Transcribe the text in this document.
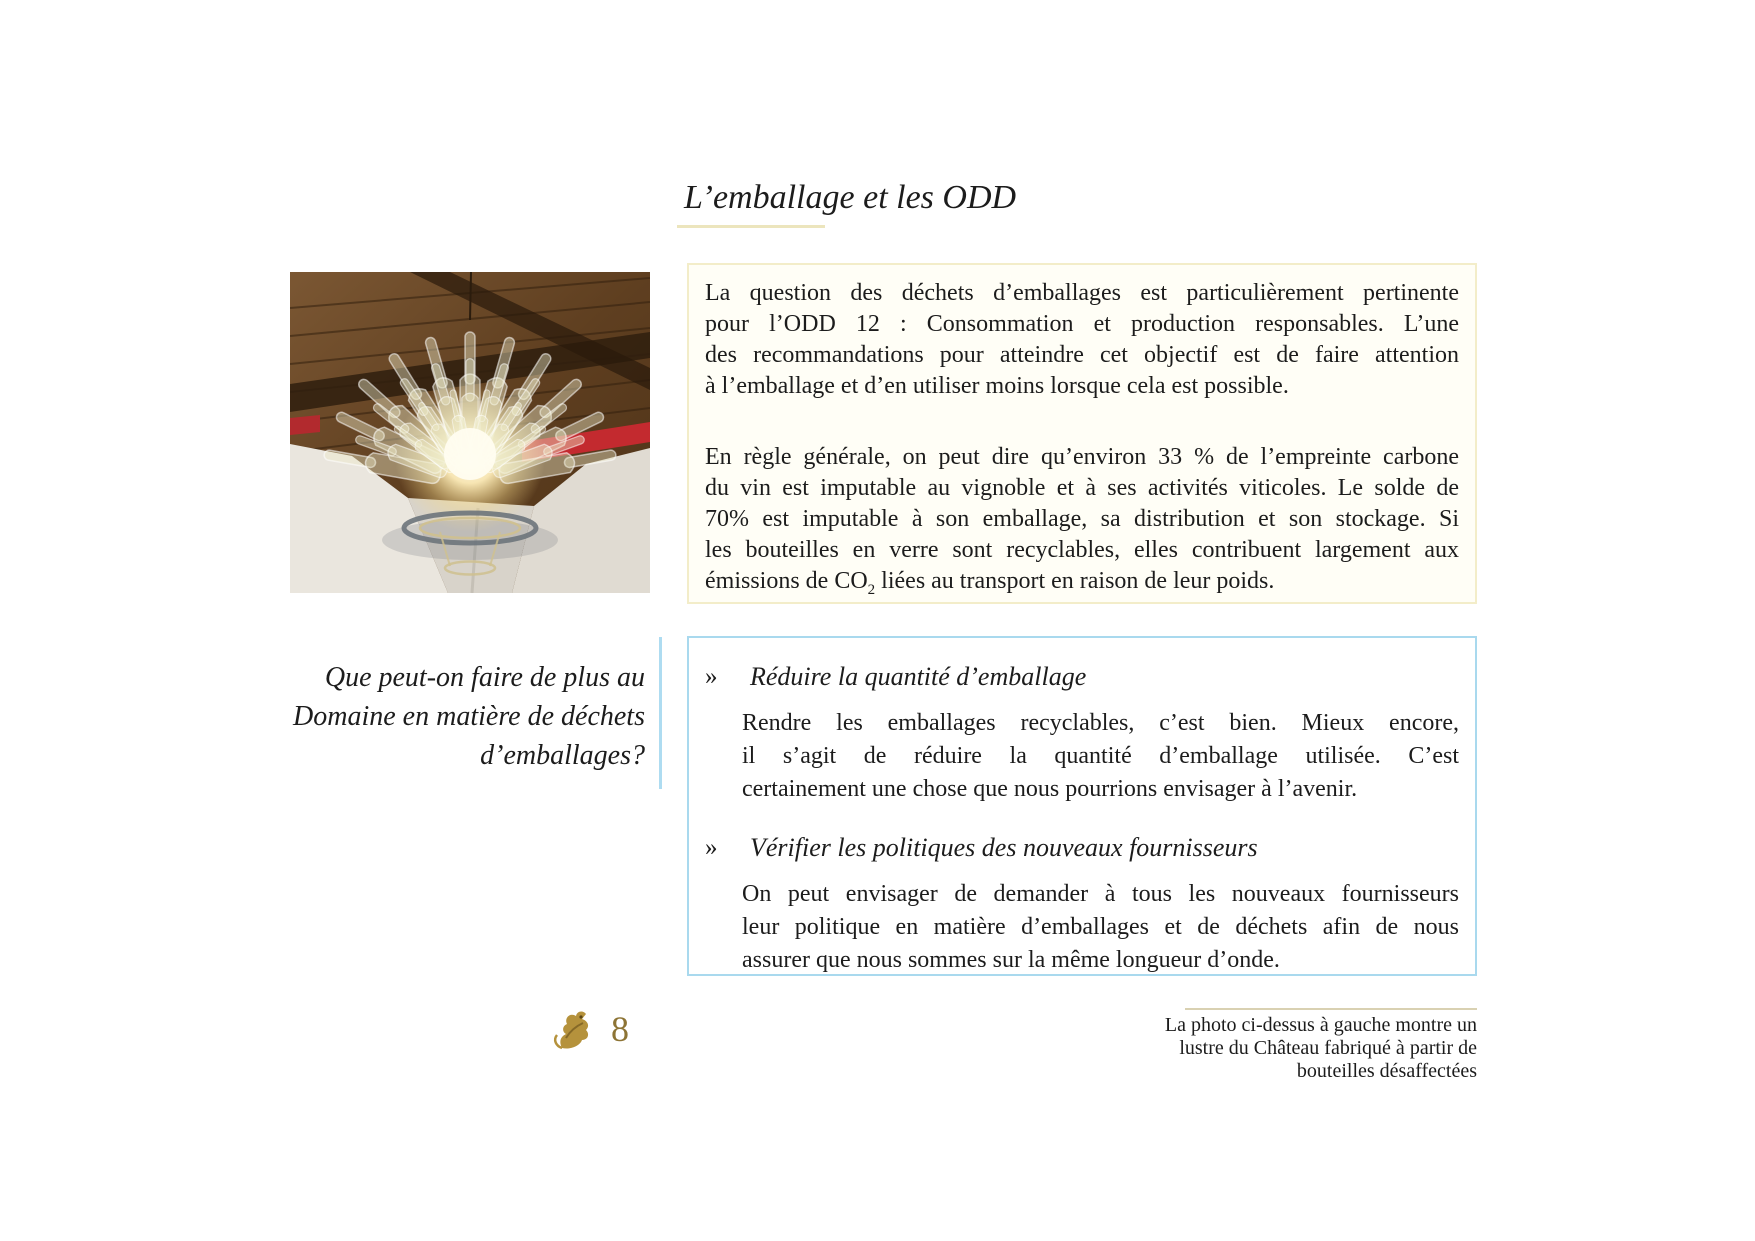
L’emballage et les ODD
La question des déchets d’emballages est particulièrement pertinente
pour l’ODD 12 : Consommation et production responsables. L’une
des recommandations pour atteindre cet objectif est de faire attention
à l’emballage et d’en utiliser moins lorsque cela est possible.
En règle générale, on peut dire qu’environ 33 % de l’empreinte carbone
du vin est imputable au vignoble et à ses activités viticoles. Le solde de
70% est imputable à son emballage, sa distribution et son stockage. Si
les bouteilles en verre sont recyclables, elles contribuent largement aux
émissions de $CO_2$ liées au transport en raison de leur poids.
Que peut-on faire de plus au
Domaine en matière de déchets
d’emballages?
» Réduire la quantité d’emballage
Rendre les emballages recyclables, c’est bien. Mieux encore,
il s’agit de réduire la quantité d’emballage utilisée. C’est
certainement une chose que nous pourrions envisager à l’avenir.
» Vérifier les politiques des nouveaux fournisseurs
On peut envisager de demander à tous les nouveaux fournisseurs
leur politique en matière d’emballages et de déchets afin de nous
assurer que nous sommes sur la même longueur d’onde.
La photo ci-dessus à gauche montre un
lustre du Château fabriqué à partir de
bouteilles désaffectées
8
